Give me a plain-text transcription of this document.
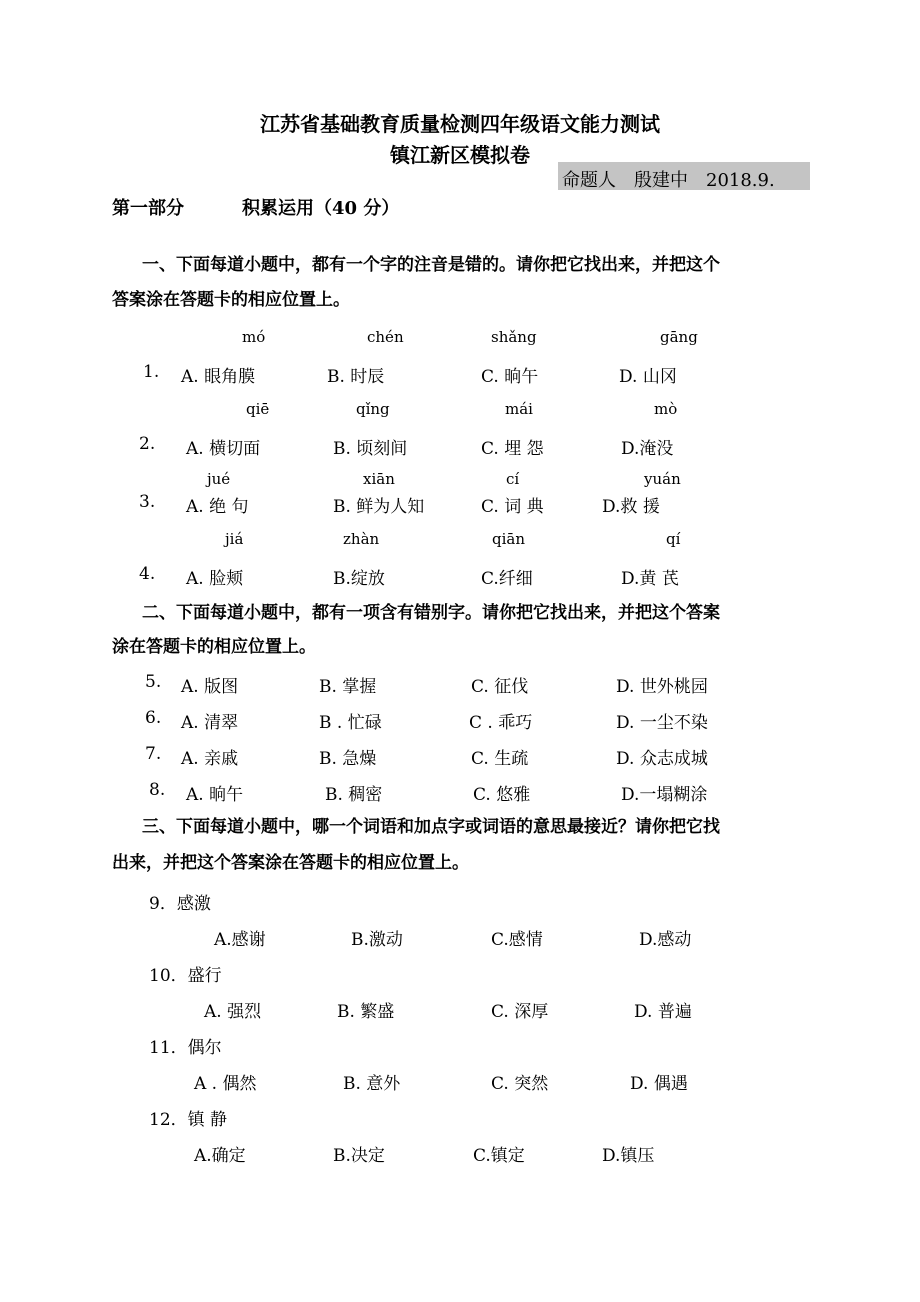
江苏省基础教育质量检测四年级语文能力测试
镇江新区模拟卷
命题人　殷建中　2018.9.
第一部分	积累运用（40 分）
一、下面每道小题中，都有一个字的注音是错的。请你把它找出来，并把这个
答案涂在答题卡的相应位置上。
mó	chén	shǎng	gāng
1. A. 眼角膜	B. 时辰	C. 晌午	D. 山冈
qiē	qǐng	mái	mò
2. A. 横切面	B. 顷刻间	C. 埋 怨	D.淹没
jué	xiān	cí	yuán
3. A. 绝 句	B. 鲜为人知	C. 词 典	D.救 援
jiá	zhàn	qiān	qí
4. A. 脸颊	B.绽放	C.纤细	D.黄 芪
二、下面每道小题中，都有一项含有错别字。请你把它找出来，并把这个答案
涂在答题卡的相应位置上。
5. A. 版图	B. 掌握	C. 征伐	D. 世外桃园
6. A. 清翠	B . 忙碌	C . 乖巧	D. 一尘不染
7. A. 亲戚	B. 急燥	C. 生疏	D. 众志成城
8. A. 晌午	B. 稠密	C. 悠雅	D.一塌糊涂
三、下面每道小题中，哪一个词语和加点字或词语的意思最接近？请你把它找
出来，并把这个答案涂在答题卡的相应位置上。
9．感激
A.感谢	B.激动	C.感情	D.感动
10．盛行
A. 强烈	B. 繁盛	C. 深厚	D. 普遍
11．偶尔
A . 偶然	B. 意外	C. 突然	D. 偶遇
12．镇 静
A.确定	B.决定	C.镇定	D.镇压
